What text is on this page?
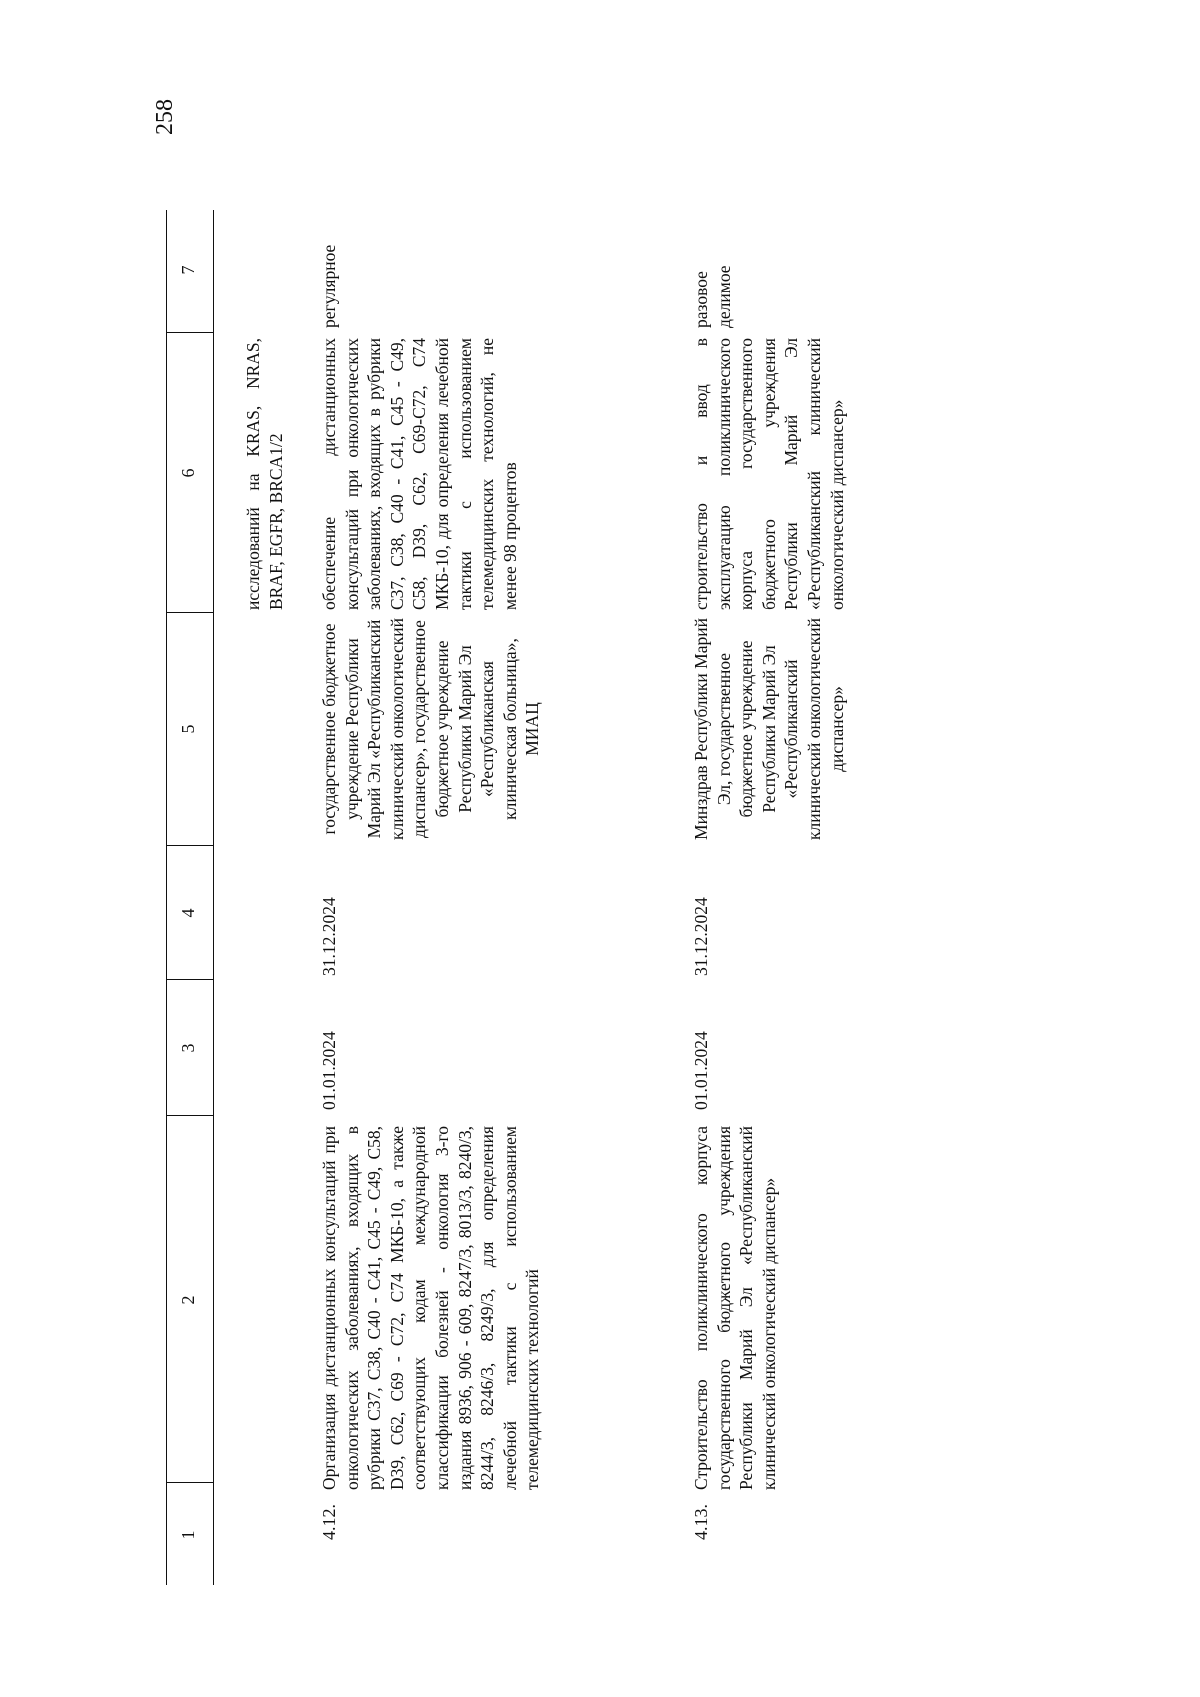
258
1
2
3
4
5
6
7
исследований на KRAS, NRAS, BRAF, EGFR, BRCA1/2
4.12.
Организация дистанционных консультаций при онкологических заболеваниях, входящих в рубрики C37, C38, C40 - C41, C45 - C49, C58, D39, C62, C69 - C72, C74 МКБ-10, а также соответствующих кодам международной классификации болезней - онкология 3-го издания 8936, 906 - 609, 8247/3, 8013/3, 8240/3, 8244/3, 8246/3, 8249/3, для определения лечебной тактики с использованием телемедицинских технологий
01.01.2024
31.12.2024
государственное бюджетное учреждение Республики Марий Эл «Республиканский клинический онкологический диспансер», государственное бюджетное учреждение Республики Марий Эл «Республиканская клиническая больница», МИАЦ
обеспечение дистанционных консультаций при онкологических заболеваниях, входящих в рубрики C37, C38, C40 - C41, C45 - C49, C58, D39, C62, C69-C72, C74 МКБ-10, для определения лечебной тактики с использованием телемедицинских технологий, не менее 98 процентов
регулярное
4.13.
Строительство поликлинического корпуса государственного бюджетного учреждения Республики Марий Эл «Республиканский клинический онкологический диспансер»
01.01.2024
31.12.2024
Минздрав Республики Марий Эл, государственное бюджетное учреждение Республики Марий Эл «Республиканский клинический онкологический диспансер»
строительство и ввод в эксплуатацию поликлинического корпуса государственного бюджетного учреждения Республики Марий Эл «Республиканский клинический онкологический диспансер»
разовое делимое
